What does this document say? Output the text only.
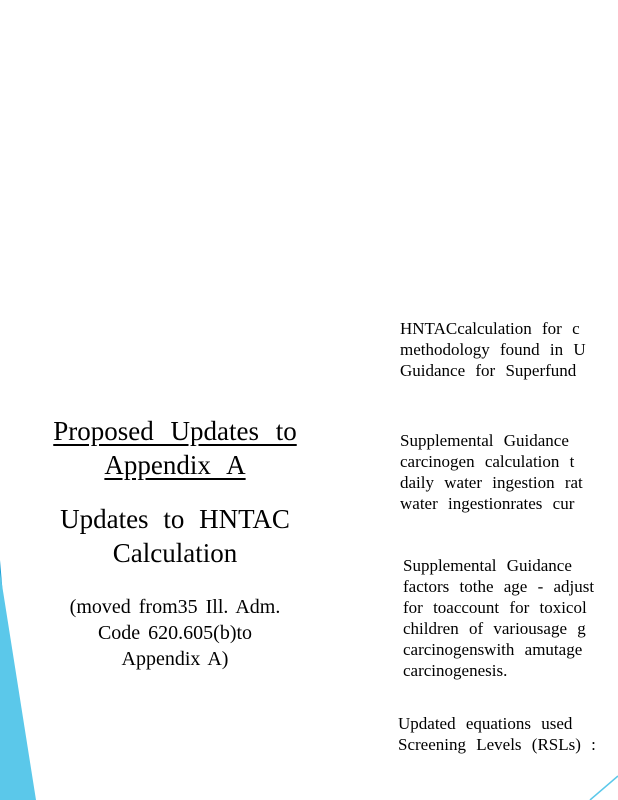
Proposed Updates to
Appendix A
Updates to HNTAC
Calculation
(moved from35 Ill. Adm.
Code 620.605(b)to
Appendix A)
HNTACcalculation for c
methodology found in U
Guidance for Superfund
Supplemental Guidance
carcinogen calculation t
daily water ingestion rat
water ingestionrates cur
Supplemental Guidance
factors tothe age - adjust
for toaccount for toxicol
children of variousage g
carcinogenswith amutage
carcinogenesis.
Updated equations used
Screening Levels (RSLs) :
